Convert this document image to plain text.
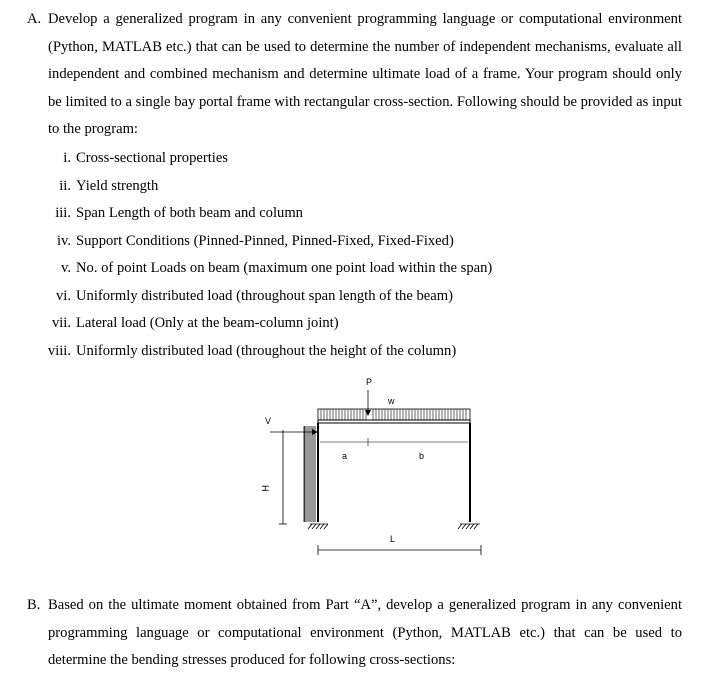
A. Develop a generalized program in any convenient programming language or computational environment (Python, MATLAB etc.) that can be used to determine the number of independent mechanisms, evaluate all independent and combined mechanism and determine ultimate load of a frame. Your program should only be limited to a single bay portal frame with rectangular cross-section. Following should be provided as input to the program:
i. Cross-sectional properties
ii. Yield strength
iii. Span Length of both beam and column
iv. Support Conditions (Pinned-Pinned, Pinned-Fixed, Fixed-Fixed)
v. No. of point Loads on beam (maximum one point load within the span)
vi. Uniformly distributed load (throughout span length of the beam)
vii. Lateral load (Only at the beam-column joint)
viii. Uniformly distributed load (throughout the height of the column)
P
w
V
H
a	b
L
B. Based on the ultimate moment obtained from Part “A”, develop a generalized program in any convenient programming language or computational environment (Python, MATLAB etc.) that can be used to determine the bending stresses produced for following cross-sections:
